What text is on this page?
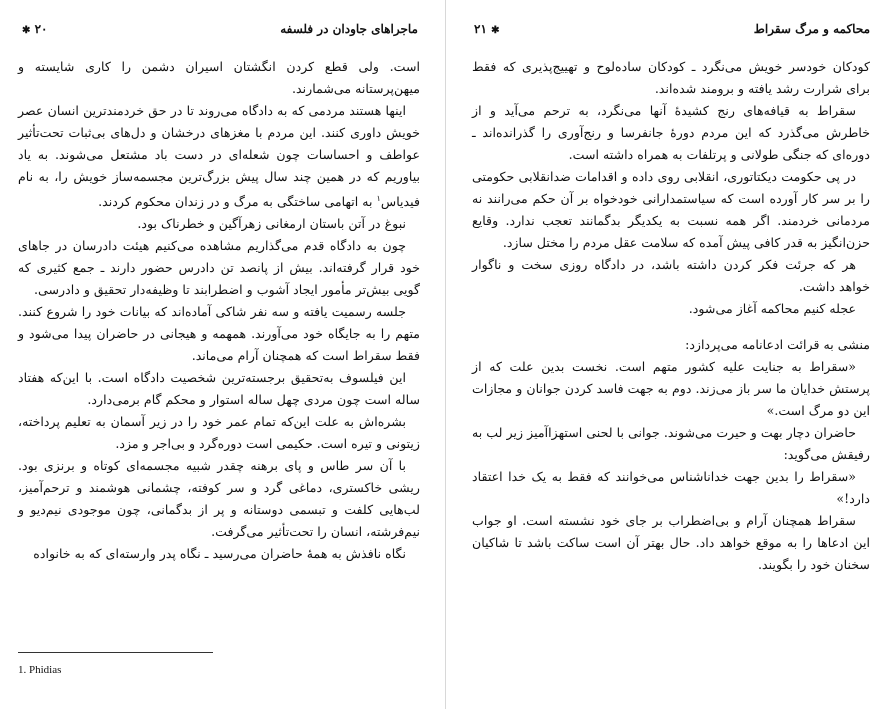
ماجراهای جاودان در فلسفه
۲۰ ✱

است. ولی قطع کردن انگشتان اسیران دشمن را کاری شایسته و میهن‌پرستانه می‌شمارند.

اینها هستند مردمی که به دادگاه می‌روند تا در حق خردمندترین انسان عصر خویش داوری کنند. این مردم با مغزهای درخشان و دل‌های بی‌ثبات تحت‌تأثیر عواطف و احساسات چون شعله‌ای در دست باد مشتعل می‌شوند. به یاد بیاوریم که در همین چند سال پیش بزرگ‌ترین مجسمه‌ساز خویش را، به نام فیدیاس$^۱$ به اتهامی ساختگی به مرگ و در زندان محکوم کردند.

نبوغ در آتن باستان ارمغانی زهرآگین و خطرناک بود.

چون به دادگاه قدم می‌گذاریم مشاهده می‌کنیم هیئت دادرسان در جاهای خود قرار گرفته‌اند. بیش از پانصد تن دادرس حضور دارند ـ جمع کثیری که گویی بیش‌تر مأمور ایجاد آشوب و اضطرابند تا وظیفه‌دار تحقیق و دادرسی.

جلسه رسمیت یافته و سه نفر شاکی آماده‌اند که بیانات خود را شروع کنند. متهم را به جایگاه خود می‌آورند. همهمه و هیجانی در حاضران پیدا می‌شود و فقط سقراط است که همچنان آرام می‌ماند.

این فیلسوف به‌تحقیق برجسته‌ترین شخصیت دادگاه است. با این‌که هفتاد ساله است چون مردی چهل ساله استوار و محکم گام برمی‌دارد.

بشره‌اش به علت این‌که تمام عمر خود را در زیر آسمان به تعلیم پرداخته، زیتونی و تیره است. حکیمی است دوره‌گرد و بی‌اجر و مزد.

با آن سر طاس و پای برهنه چقدر شبیه مجسمه‌ای کوتاه و برنزی بود. ریشی خاکستری، دماغی گرد و سر کوفته، چشمانی هوشمند و ترحم‌آمیز، لب‌هایی کلفت و تبسمی دوستانه و پر از بدگمانی، چون موجودی نیم‌دیو و نیم‌فرشته، انسان را تحت‌تأثیر می‌گرفت.

نگاه نافذش به همهٔ حاضران می‌رسید ـ نگاه پدر وارسته‌ای که به خانواده

1. Phidias
محاکمه و مرگ سقراط
✱ ۲۱

کودکان خودسر خویش می‌نگرد ـ کودکان ساده‌لوح و تهییج‌پذیری که فقط برای شرارت رشد یافته و برومند شده‌اند.

سقراط به قیافه‌های رنج کشیدهٔ آنها می‌نگرد، به ترحم می‌آید و از خاطرش می‌گذرد که این مردم دورهٔ جانفرسا و رنج‌آوری را گذرانده‌اند ـ دوره‌ای که جنگی طولانی و پرتلفات به همراه داشته است.

در پی حکومت دیکتاتوری، انقلابی روی داده و اقدامات ضدانقلابی حکومتی را بر سر کار آورده است که سیاستمدارانی خودخواه بر آن حکم می‌رانند نه مردمانی خردمند. اگر همه نسبت به یکدیگر بدگمانند تعجب ندارد. وقایع حزن‌انگیز به قدر کافی پیش آمده که سلامت عقل مردم را مختل سازد.

هر که جرئت فکر کردن داشته باشد، در دادگاه روزی سخت و ناگوار خواهد داشت.

عجله کنیم محاکمه آغاز می‌شود.

منشی به قرائت ادعانامه می‌پردازد:

«سقراط به جنایت علیه کشور متهم است. نخست بدین علت که از پرستش خدایان ما سر باز می‌زند. دوم به جهت فاسد کردن جوانان و مجازات این دو مرگ است.»

حاضران دچار بهت و حیرت می‌شوند. جوانی با لحنی استهزاآمیز زیر لب به رفیقش می‌گوید:

«سقراط را بدین جهت خداناشناس می‌خوانند که فقط به یک خدا اعتقاد دارد!»

سقراط همچنان آرام و بی‌اضطراب بر جای خود نشسته است. او جواب این ادعاها را به موقع خواهد داد. حال بهتر آن است ساکت باشد تا شاکیان سخنان خود را بگویند.
